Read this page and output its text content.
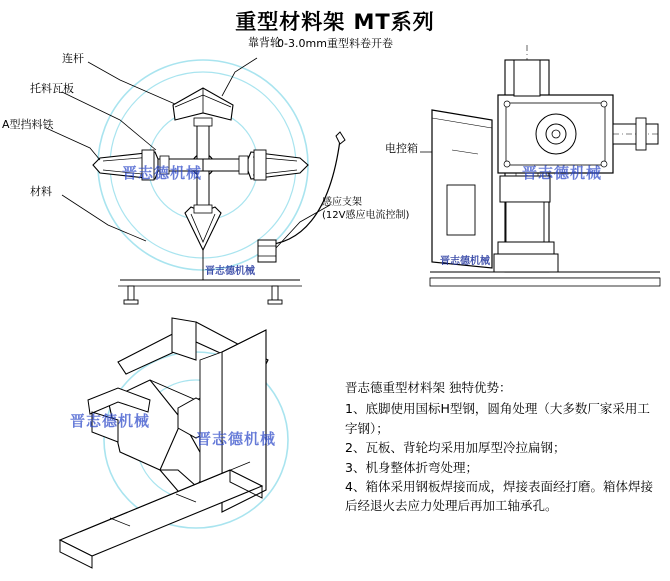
重型材料架 MT系列
0-3.0mm重型料卷开卷
连杆
靠背轮
托料瓦板
A型挡料铁
材料
感应支架
(12V感应电流控制)
电控箱
晋志德机械	晋志德机械
晋志德机械
晋志德机械
晋志德机械
晋志德机械
晋志德重型材料架 独特优势：
1、底脚使用国标H型钢，圆角处理（大多数厂家采用工字钢）；
2、瓦板、背轮均采用加厚型冷拉扁钢；
3、机身整体折弯处理；
4、箱体采用钢板焊接而成，焊接表面经打磨。箱体焊接后经退火去应力处理后再加工轴承孔。
